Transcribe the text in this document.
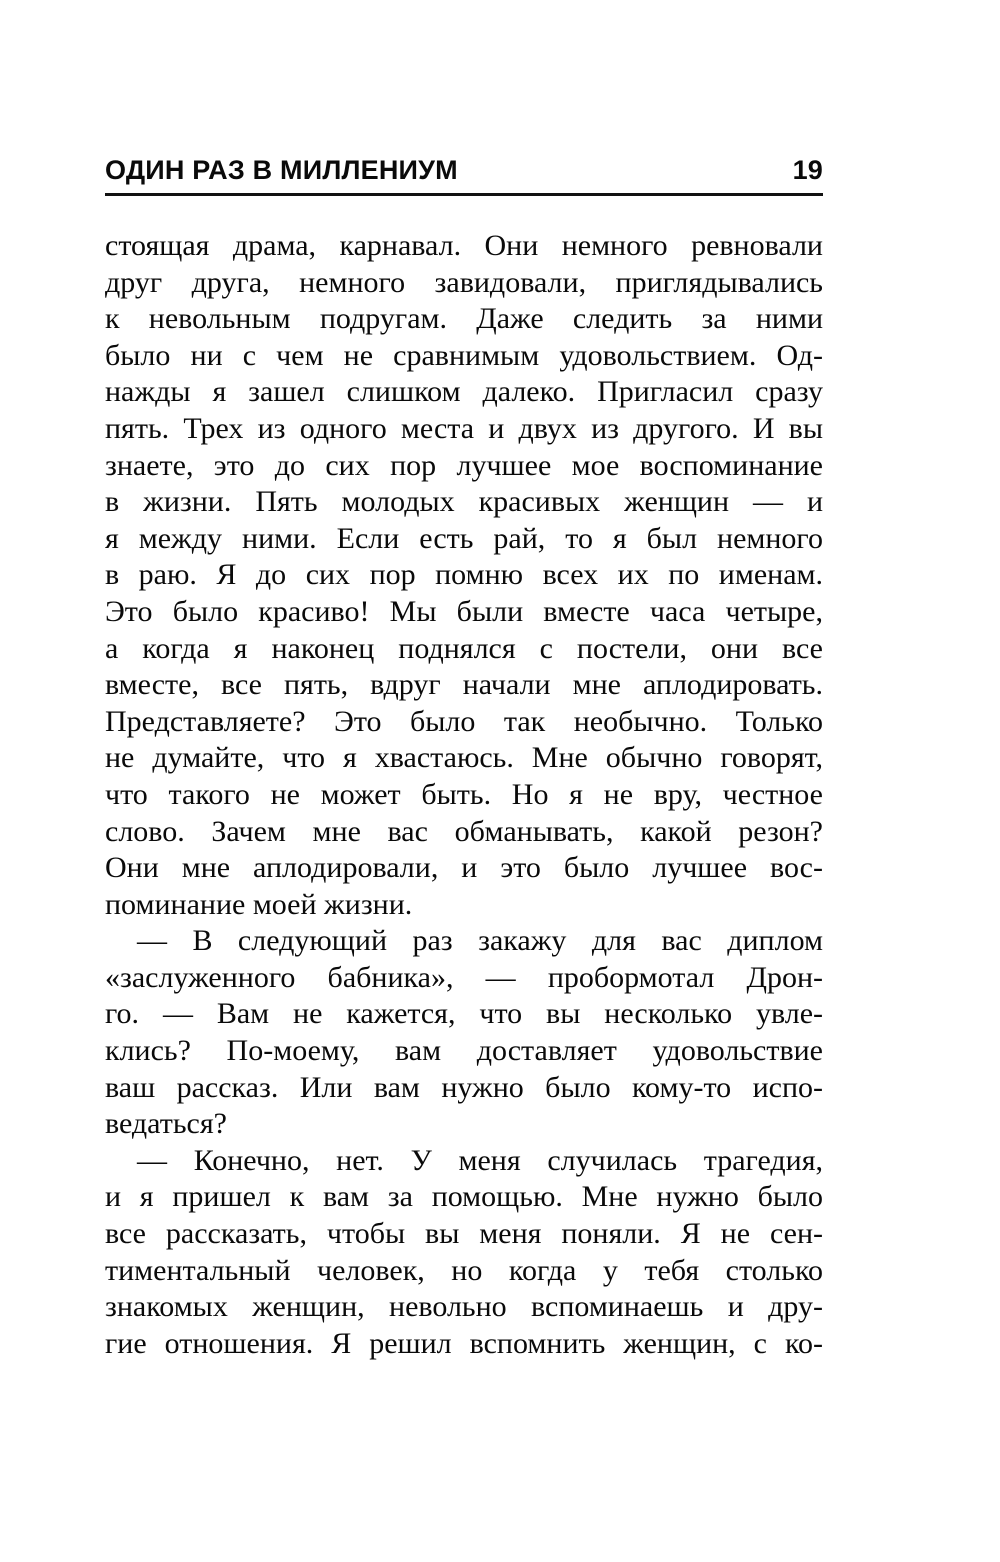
ОДИН РАЗ В МИЛЛЕНИУМ	19
стоящая драма, карнавал. Они немного ревновали
друг друга, немного завидовали, приглядывались
к невольным подругам. Даже следить за ними
было ни с чем не сравнимым удовольствием. Од-
нажды я зашел слишком далеко. Пригласил сразу
пять. Трех из одного места и двух из другого. И вы
знаете, это до сих пор лучшее мое воспоминание
в жизни. Пять молодых красивых женщин — и
я между ними. Если есть рай, то я был немного
в раю. Я до сих пор помню всех их по именам.
Это было красиво! Мы были вместе часа четыре,
а когда я наконец поднялся с постели, они все
вместе, все пять, вдруг начали мне аплодировать.
Представляете? Это было так необычно. Только
не думайте, что я хвастаюсь. Мне обычно говорят,
что такого не может быть. Но я не вру, честное
слово. Зачем мне вас обманывать, какой резон?
Они мне аплодировали, и это было лучшее вос-
поминание моей жизни.
— В следующий раз закажу для вас диплом
«заслуженного бабника», — пробормотал Дрон-
го. — Вам не кажется, что вы несколько увле-
клись? По-моему, вам доставляет удовольствие
ваш рассказ. Или вам нужно было кому-то испо-
ведаться?
— Конечно, нет. У меня случилась трагедия,
и я пришел к вам за помощью. Мне нужно было
все рассказать, чтобы вы меня поняли. Я не сен-
тиментальный человек, но когда у тебя столько
знакомых женщин, невольно вспоминаешь и дру-
гие отношения. Я решил вспомнить женщин, с ко-
